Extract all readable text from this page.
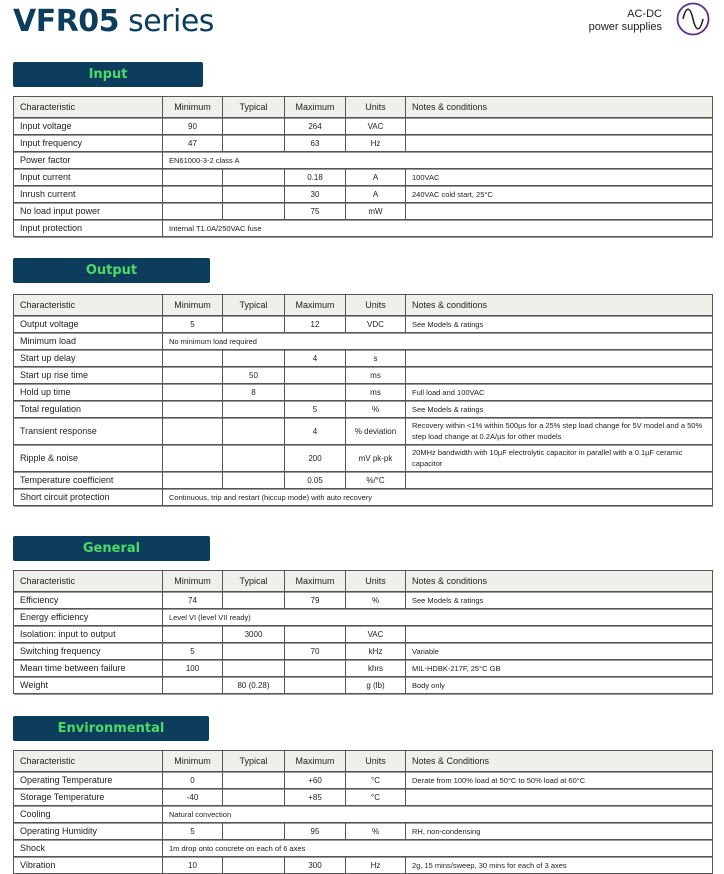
VFR05 series	AC-DC
power supplies
Input
Characteristic	Minimum	Typical	Maximum	Units	Notes & conditions
Input voltage	90		264	VAC	
Input frequency	47		63	Hz	
Power factor	EN61000-3-2 class A				
Input current			0.18	A	100VAC
Inrush current			30	A	240VAC cold start, 25°C
No load input power			75	mW	
Input protection	Internal T1.0A/250VAC fuse				
Output
Characteristic	Minimum	Typical	Maximum	Units	Notes & conditions
Output voltage	5		12	VDC	See Models & ratings
Minimum load	No minimum load required				
Start up delay			4	s	
Start up rise time		50		ms	
Hold up time		8		ms	Full load and 100VAC
Total regulation			5	%	See Models & ratings
Transient response			4	% deviation	Recovery within <1% within 500µs for a 25% step load change for 5V model and a 50% step load change at 0.2A/µs for other models
Ripple & noise			200	mV pk-pk	20MHz bandwidth with 10µF electrolytic capacitor in parallel with a 0.1µF ceramic capacitor
Temperature coefficient			0.05	%/°C	
Short circuit protection	Continuous, trip and restart (hiccup mode) with auto recovery				
General
Characteristic	Minimum	Typical	Maximum	Units	Notes & conditions
Efficiency	74		79	%	See Models & ratings
Energy efficiency	Level VI (level VII ready)				
Isolation: input to output		3000		VAC	
Switching frequency	5		70	kHz	Variable
Mean time between failure	100			khrs	MIL-HDBK-217F, 25°C GB
Weight		80 (0.28)		g (lb)	Body only
Environmental
Characteristic	Minimum	Typical	Maximum	Units	Notes & Conditions
Operating Temperature	0		+60	°C	Derate from 100% load at 50°C to 50% load at 60°C
Storage Temperature	-40		+85	°C	
Cooling	Natural convection				
Operating Humidity	5		95	%	RH, non-condensing
Shock	1m drop onto concrete on each of 6 axes				
Vibration	10		300	Hz	2g, 15 mins/sweep, 30 mins for each of 3 axes
